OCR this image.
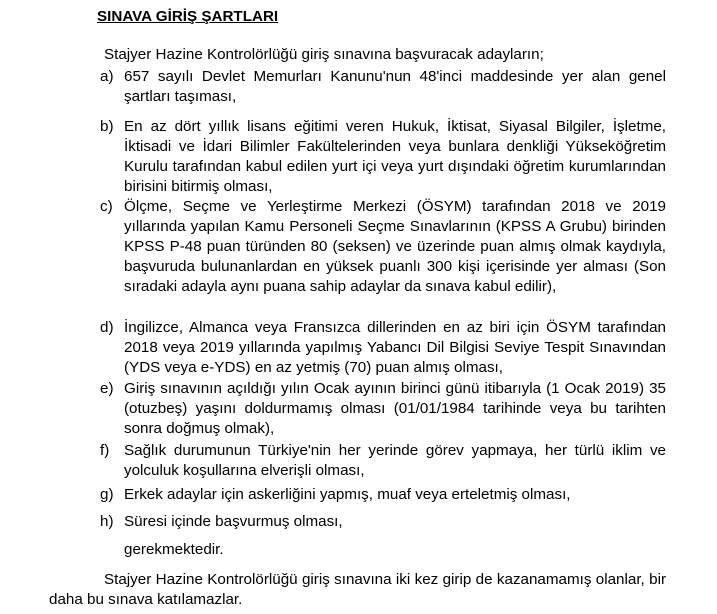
SINAVA GİRİŞ ŞARTLARI

Stajyer Hazine Kontrolörlüğü giriş sınavına başvuracak adayların;

a) 657 sayılı Devlet Memurları Kanunu'nun 48'inci maddesinde yer alan genel şartları taşıması,
b) En az dört yıllık lisans eğitimi veren Hukuk, İktisat, Siyasal Bilgiler, İşletme, İktisadi ve İdari Bilimler Fakültelerinden veya bunlara denkliği Yükseköğretim Kurulu tarafından kabul edilen yurt içi veya yurt dışındaki öğretim kurumlarından birisini bitirmiş olması,
c) Ölçme, Seçme ve Yerleştirme Merkezi (ÖSYM) tarafından 2018 ve 2019 yıllarında yapılan Kamu Personeli Seçme Sınavlarının (KPSS A Grubu) birinden KPSS P-48 puan türünden 80 (seksen) ve üzerinde puan almış olmak kaydıyla, başvuruda bulunanlardan en yüksek puanlı 300 kişi içerisinde yer alması (Son sıradaki adayla aynı puana sahip adaylar da sınava kabul edilir),
d) İngilizce, Almanca veya Fransızca dillerinden en az biri için ÖSYM tarafından 2018 veya 2019 yıllarında yapılmış Yabancı Dil Bilgisi Seviye Tespit Sınavından (YDS veya e-YDS) en az yetmiş (70) puan almış olması,
e) Giriş sınavının açıldığı yılın Ocak ayının birinci günü itibarıyla (1 Ocak 2019) 35 (otuzbeş) yaşını doldurmamış olması (01/01/1984 tarihinde veya bu tarihten sonra doğmuş olmak),
f) Sağlık durumunun Türkiye'nin her yerinde görev yapmaya, her türlü iklim ve yolculuk koşullarına elverişli olması,
g) Erkek adaylar için askerliğini yapmış, muaf veya erteletmiş olması,
h) Süresi içinde başvurmuş olması,

gerekmektedir.

Stajyer Hazine Kontrolörlüğü giriş sınavına iki kez girip de kazanamamış olanlar, bir daha bu sınava katılamazlar.
